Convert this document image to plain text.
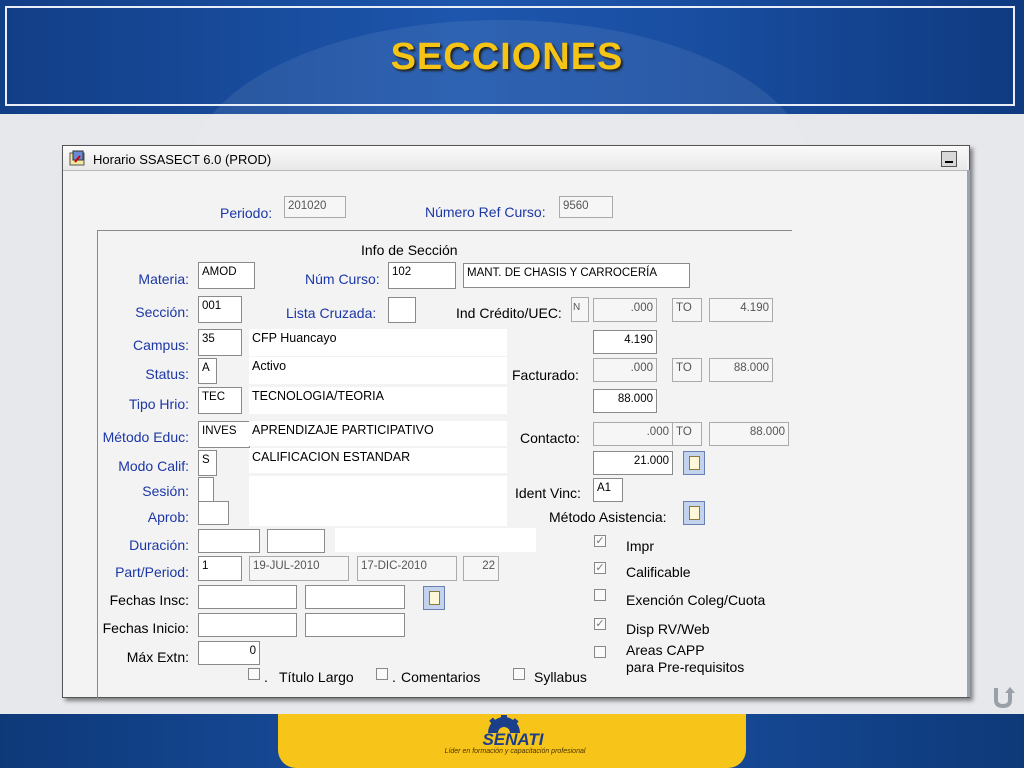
SECCIONES
Horario SSASECT 6.0 (PROD)
Periodo:	201020	Número Ref Curso:	9560
Info de Sección
Materia:	AMOD	Núm Curso:	102	MANT. DE CHASIS Y CARROCERÍA
Sección:	001	Lista Cruzada:	Ind Crédito/UEC: N	.000	TO	4.190
Campus:	35	CFP Huancayo	4.190
Status:	A	Activo
Facturado:	.000	TO	88.000
Tipo Hrio:	TEC	TECNOLOGIA/TEORIA	88.000
Método Educ:	INVES	APRENDIZAJE PARTICIPATIVO	Contacto:	.000 TO	88.000
Modo Calif:	S	CALIFICACION ESTANDAR	21.000
Sesión:	Ident Vinc:	A1
Aprob:	Método Asistencia:
Duración:
Part/Period:	1	19-JUL-2010	17-DIC-2010	22
Fechas Insc:
Fechas Inicio:
Máx Extn:	0
✓ Impr
✓ Calificable
Exención Coleg/Cuota
✓ Disp RV/Web
Areas CAPP
para Pre-requisitos
. Título Largo	. Comentarios	Syllabus
SENATI
Líder en formación y capacitación profesional
